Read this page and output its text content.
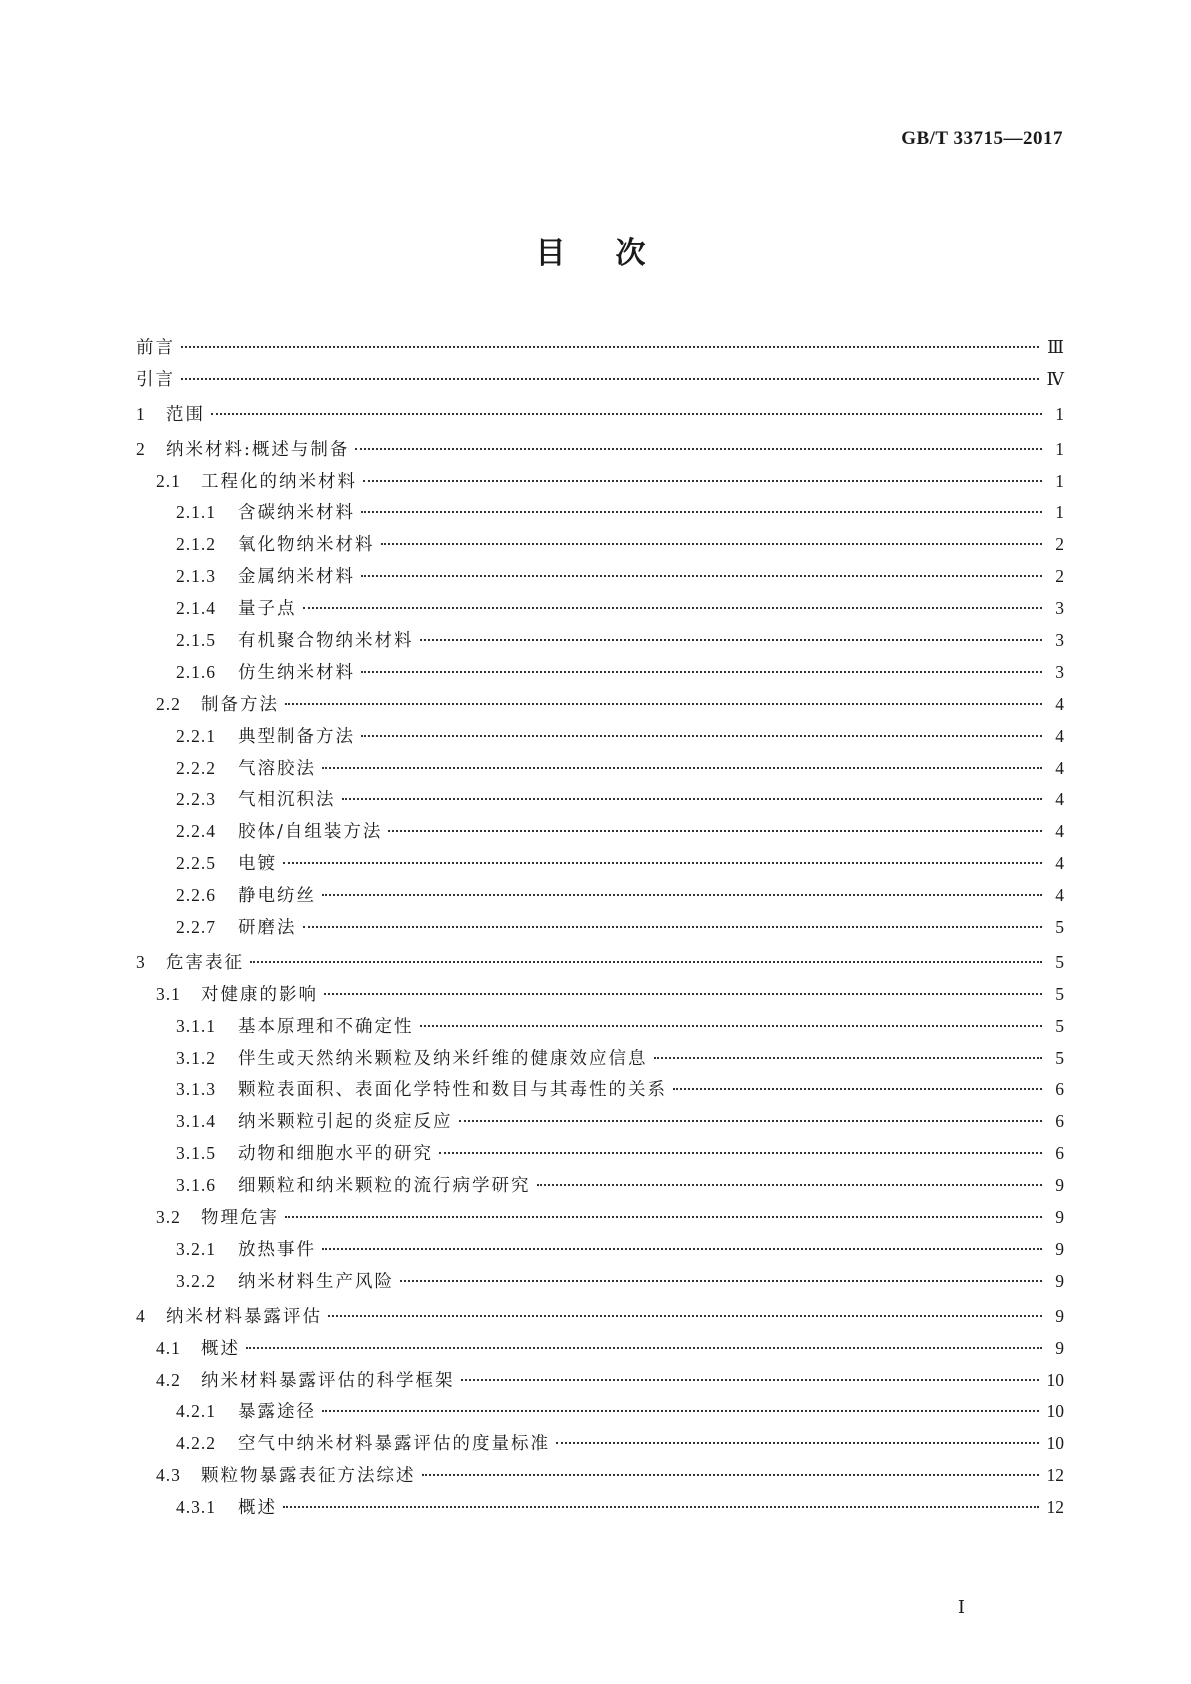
GB/T 33715—2017
目次
前言	Ⅲ
引言	Ⅳ
1	范围	1
2	纳米材料:概述与制备	1
2.1	工程化的纳米材料	1
2.1.1	含碳纳米材料	1
2.1.2	氧化物纳米材料	2
2.1.3	金属纳米材料	2
2.1.4	量子点	3
2.1.5	有机聚合物纳米材料	3
2.1.6	仿生纳米材料	3
2.2	制备方法	4
2.2.1	典型制备方法	4
2.2.2	气溶胶法	4
2.2.3	气相沉积法	4
2.2.4	胶体/自组装方法	4
2.2.5	电镀	4
2.2.6	静电纺丝	4
2.2.7	研磨法	5
3	危害表征	5
3.1	对健康的影响	5
3.1.1	基本原理和不确定性	5
3.1.2	伴生或天然纳米颗粒及纳米纤维的健康效应信息	5
3.1.3	颗粒表面积、表面化学特性和数目与其毒性的关系	6
3.1.4	纳米颗粒引起的炎症反应	6
3.1.5	动物和细胞水平的研究	6
3.1.6	细颗粒和纳米颗粒的流行病学研究	9
3.2	物理危害	9
3.2.1	放热事件	9
3.2.2	纳米材料生产风险	9
4	纳米材料暴露评估	9
4.1	概述	9
4.2	纳米材料暴露评估的科学框架	10
4.2.1	暴露途径	10
4.2.2	空气中纳米材料暴露评估的度量标准	10
4.3	颗粒物暴露表征方法综述	12
4.3.1	概述	12
Ⅰ
